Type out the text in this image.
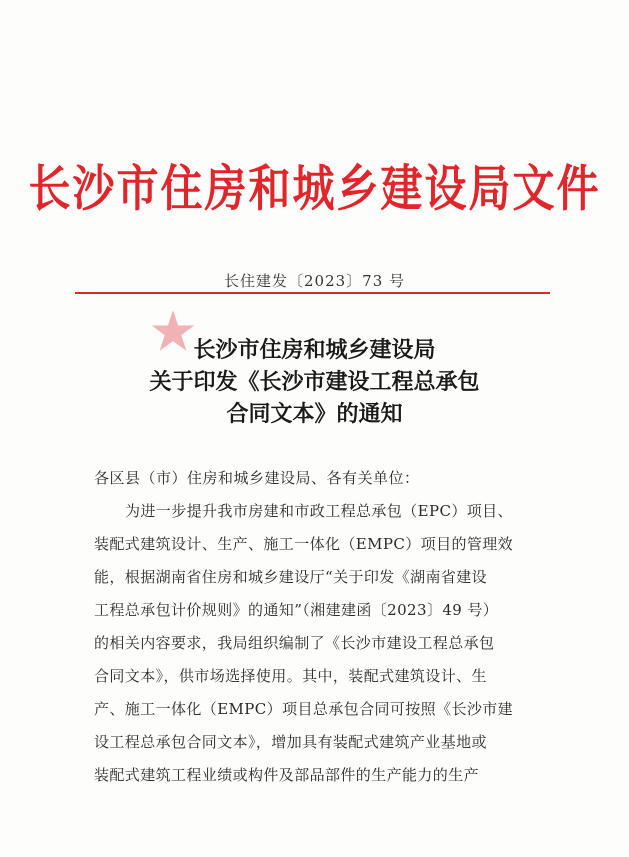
长沙市住房和城乡建设局文件
长住建发〔2023〕73 号
长沙市住房和城乡建设局
关于印发《长沙市建设工程总承包
合同文本》的通知
各区县（市）住房和城乡建设局、各有关单位：
为进一步提升我市房建和市政工程总承包（EPC）项目、
装配式建筑设计、生产、施工一体化（EMPC）项目的管理效
能，根据湖南省住房和城乡建设厅“关于印发《湖南省建设
工程总承包计价规则》的通知”（湘建建函〔2023〕49 号）
的相关内容要求，我局组织编制了《长沙市建设工程总承包
合同文本》，供市场选择使用。其中，装配式建筑设计、生
产、施工一体化（EMPC）项目总承包合同可按照《长沙市建
设工程总承包合同文本》，增加具有装配式建筑产业基地或
装配式建筑工程业绩或构件及部品部件的生产能力的生产
